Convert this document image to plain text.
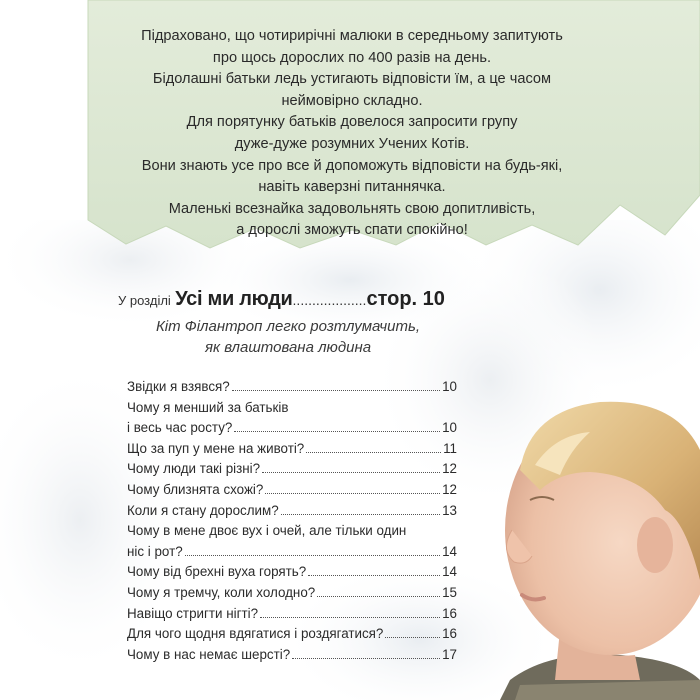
Підраховано, що чотирирічні малюки в середньому запитують
про щось дорослих по 400 разів на день.
Бідолашні батьки ледь устигають відповісти їм, а це часом
неймовірно складно.
Для порятунку батьків довелося запросити групу
дуже-дуже розумних Учених Котів.
Вони знають усе про все й допоможуть відповісти на будь-які,
навіть каверзні питаннячка.
Маленькі всезнайка задовольнять свою допитливість,
а дорослі зможуть спати спокійно!
У розділі Усі ми люди...................стор. 10
Кіт Філантроп легко розтлумачить,
як влаштована людина
Звідки я взявся?	10
Чому я менший за батьків
і весь час росту?	10
Що за пуп у мене на животі?	11
Чому люди такі різні?	12
Чому близнята схожі?	12
Коли я стану дорослим?	13
Чому в мене двоє вух і очей, але тільки один
ніс і рот?	14
Чому від брехні вуха горять?	14
Чому я тремчу, коли холодно?	15
Навіщо стригти нігті?	16
Для чого щодня вдягатися і роздягатися?	16
Чому в нас немає шерсті?	17
